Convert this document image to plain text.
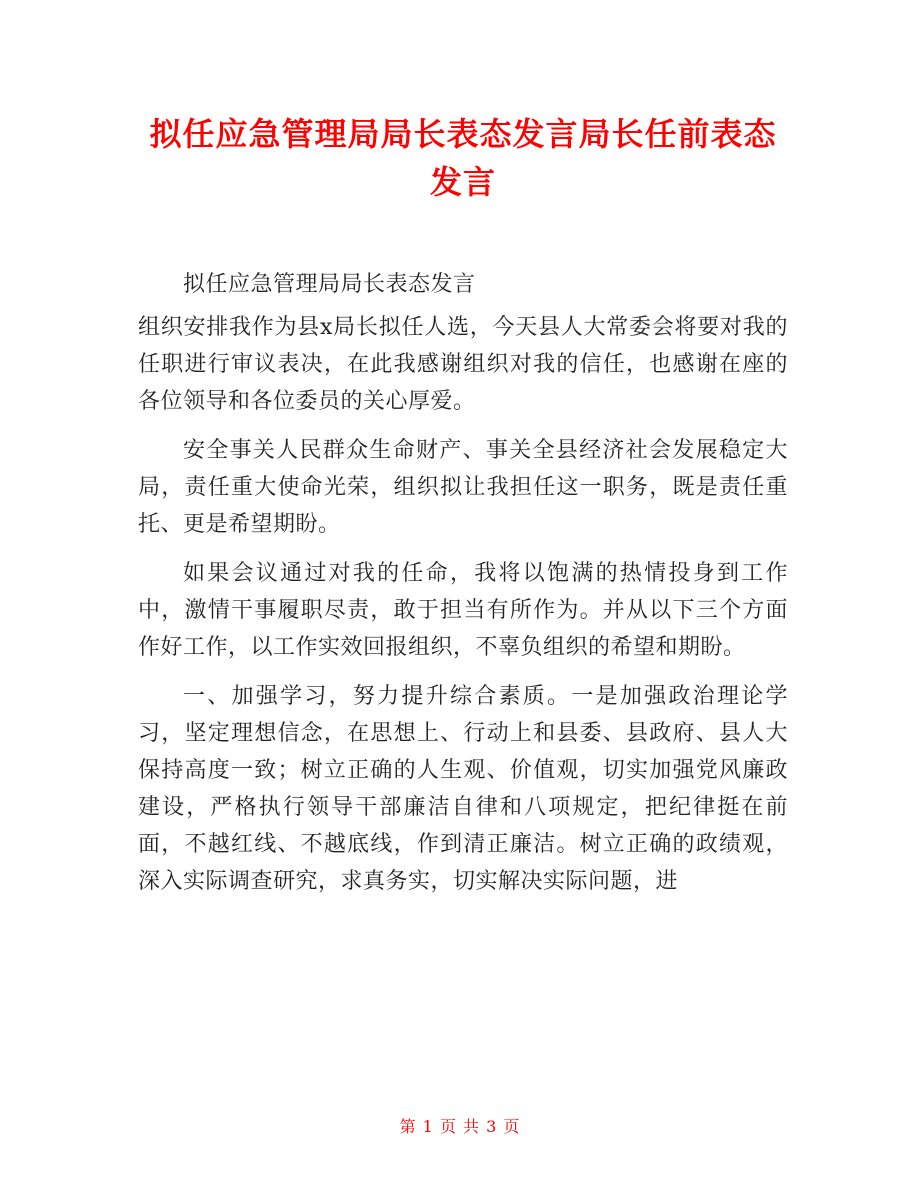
拟任应急管理局局长表态发言局长任前表态发言

拟任应急管理局局长表态发言

组织安排我作为县x局长拟任人选，今天县人大常委会将要对我的任职进行审议表决，在此我感谢组织对我的信任，也感谢在座的各位领导和各位委员的关心厚爱。

安全事关人民群众生命财产、事关全县经济社会发展稳定大局，责任重大使命光荣，组织拟让我担任这一职务，既是责任重托、更是希望期盼。

如果会议通过对我的任命，我将以饱满的热情投身到工作中，激情干事履职尽责，敢于担当有所作为。并从以下三个方面作好工作，以工作实效回报组织，不辜负组织的希望和期盼。

一、加强学习，努力提升综合素质。一是加强政治理论学习，坚定理想信念，在思想上、行动上和县委、县政府、县人大保持高度一致；树立正确的人生观、价值观，切实加强党风廉政建设，严格执行领导干部廉洁自律和八项规定，把纪律挺在前面，不越红线、不越底线，作到清正廉洁。树立正确的政绩观，深入实际调查研究，求真务实，切实解决实际问题，进

第 1 页 共 3 页
